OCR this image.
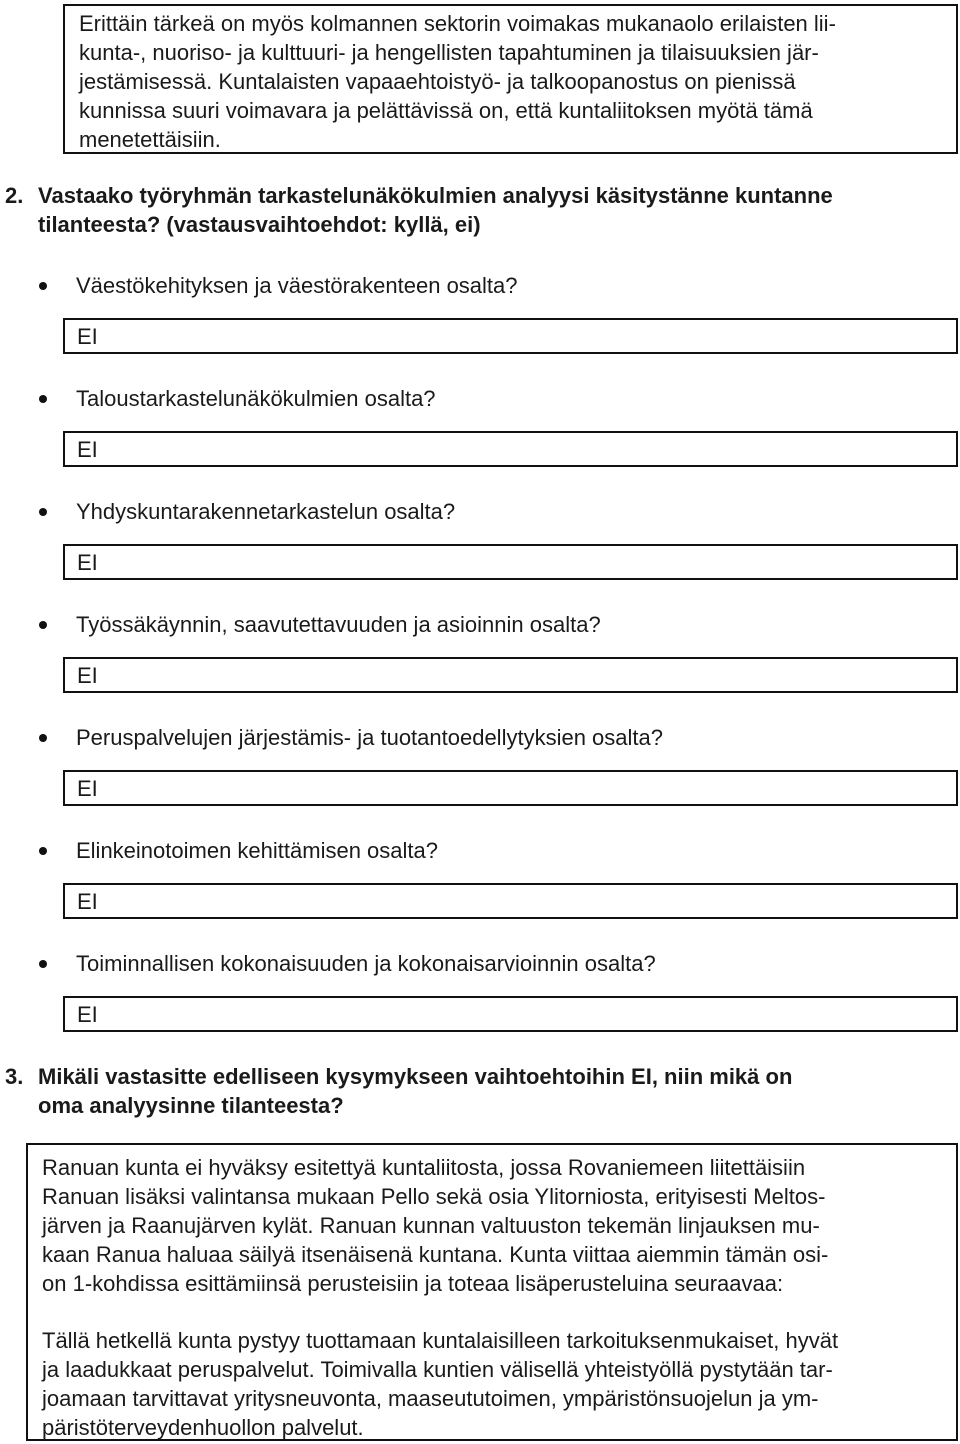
Erittäin tärkeä on myös kolmannen sektorin voimakas mukanaolo erilaisten lii-
kunta-, nuoriso- ja kulttuuri- ja hengellisten tapahtuminen ja tilaisuuksien jär-
jestämisessä. Kuntalaisten vapaaehtoistyö- ja talkoopanostus on pienissä
kunnissa suuri voimavara ja pelättävissä on, että kuntaliitoksen myötä tämä
menetettäisiin.
2. Vastaako työryhmän tarkastelunäkökulmien analyysi käsitystänne kuntanne
tilanteesta? (vastausvaihtoehdot: kyllä, ei)
Väestökehityksen ja väestörakenteen osalta?
EI
Taloustarkastelunäkökulmien osalta?
EI
Yhdyskuntarakennetarkastelun osalta?
EI
Työssäkäynnin, saavutettavuuden ja asioinnin osalta?
EI
Peruspalvelujen järjestämis- ja tuotantoedellytyksien osalta?
EI
Elinkeinotoimen kehittämisen osalta?
EI
Toiminnallisen kokonaisuuden ja kokonaisarvioinnin osalta?
EI
3. Mikäli vastasitte edelliseen kysymykseen vaihtoehtoihin EI, niin mikä on
oma analyysinne tilanteesta?
Ranuan kunta ei hyväksy esitettyä kuntaliitosta, jossa Rovaniemeen liitettäisiin
Ranuan lisäksi valintansa mukaan Pello sekä osia Ylitorniosta, erityisesti Meltos-
järven ja Raanujärven kylät. Ranuan kunnan valtuuston tekemän linjauksen mu-
kaan Ranua haluaa säilyä itsenäisenä kuntana. Kunta viittaa aiemmin tämän osi-
on 1-kohdissa esittämiinsä perusteisiin ja toteaa lisäperusteluina seuraavaa:
Tällä hetkellä kunta pystyy tuottamaan kuntalaisilleen tarkoituksenmukaiset, hyvät
ja laadukkaat peruspalvelut. Toimivalla kuntien välisellä yhteistyöllä pystytään tar-
joamaan tarvittavat yritysneuvonta, maaseututoimen, ympäristönsuojelun ja ym-
päristöterveydenhuollon palvelut.
